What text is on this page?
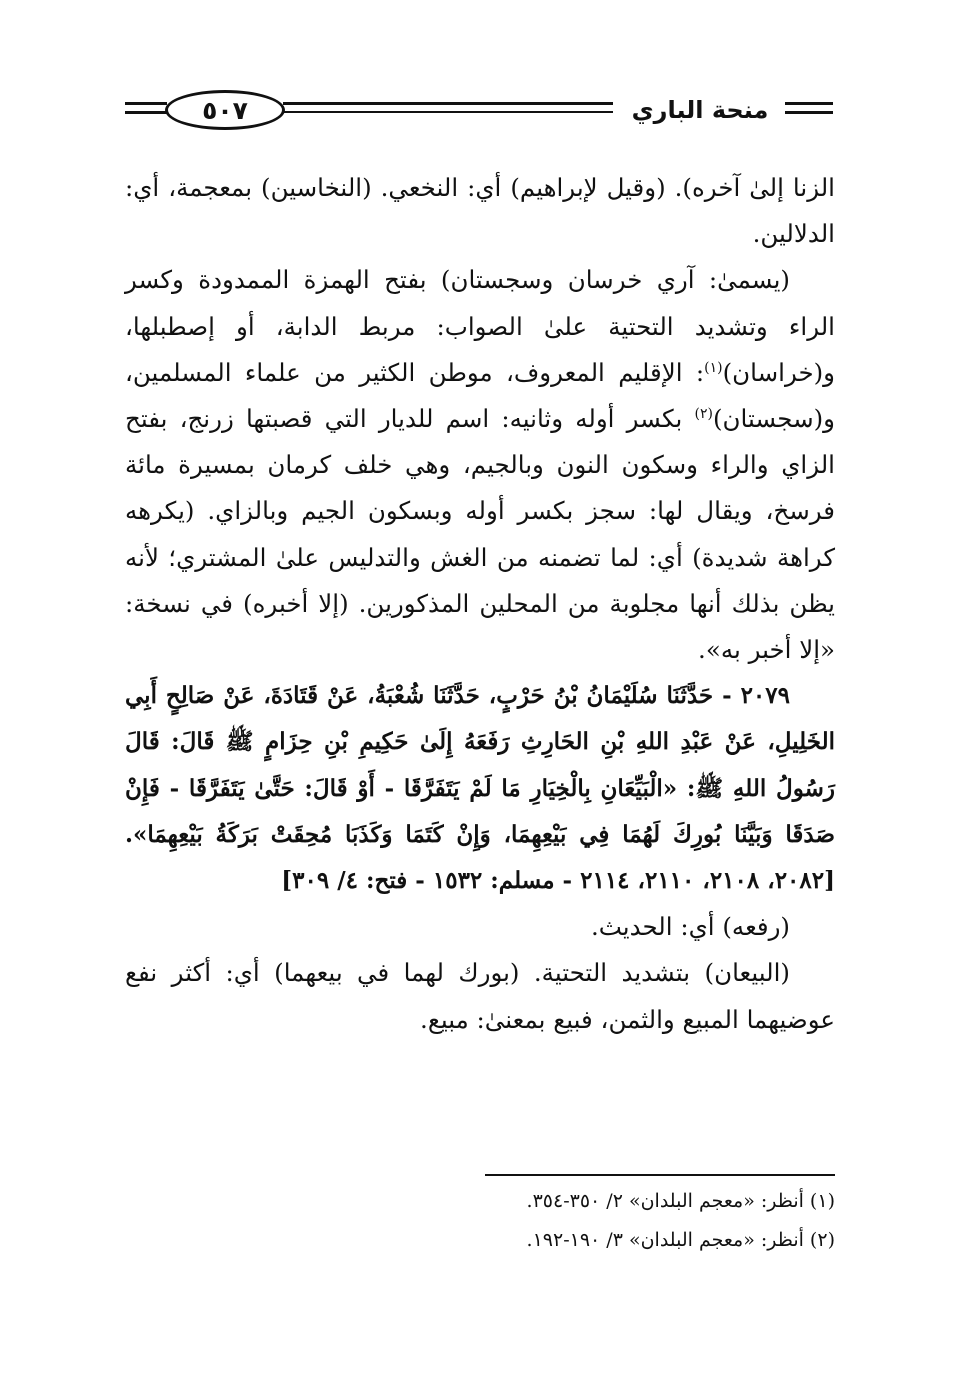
٥٠٧	منحة الباري

الزنا إلىٰ آخره). (وقيل لإبراهيم) أي: النخعي. (النخاسين) بمعجمة، أي: الدلالين.

(يسمىٰ: آري خرسان وسجستان) بفتح الهمزة الممدودة وكسر الراء وتشديد التحتية علىٰ الصواب: مربط الدابة، أو إصطبلها، و(خراسان)$^{(١)}$: الإقليم المعروف، موطن الكثير من علماء المسلمين، و(سجستان)$^{(٢)}$ بكسر أوله وثانيه: اسم للديار التي قصبتها زرنج، بفتح الزاي والراء وسكون النون وبالجيم، وهي خلف كرمان بمسيرة مائة فرسخ، ويقال لها: سجز بكسر أوله وبسكون الجيم وبالزاي. (يكرهه كراهة شديدة) أي: لما تضمنه من الغش والتدليس علىٰ المشتري؛ لأنه يظن بذلك أنها مجلوبة من المحلين المذكورين. (إلا أخبره) في نسخة: «إلا أخبر به».

٢٠٧٩ - حَدَّثَنَا سُلَيْمَانُ بْنُ حَرْبٍ، حَدَّثَنَا شُعْبَةُ، عَنْ قَتَادَةَ، عَنْ صَالِحٍ أَبِي الخَلِيلِ، عَنْ عَبْدِ اللهِ بْنِ الحَارِثِ رَفَعَهُ إِلَىٰ حَكِيمِ بْنِ حِزَامٍ ﷺ قَالَ: قَالَ رَسُولُ اللهِ ﷺ: «الْبَيِّعَانِ بِالْخِيَارِ مَا لَمْ يَتَفَرَّقَا - أَوْ قَالَ: حَتَّىٰ يَتَفَرَّقَا - فَإِنْ صَدَقَا وَبَيَّنَا بُورِكَ لَهُمَا فِي بَيْعِهِمَا، وَإِنْ كَتَمَا وَكَذَبَا مُحِقَتْ بَرَكَةُ بَيْعِهِمَا». [٢٠٨٢، ٢١٠٨، ٢١١٠، ٢١١٤ - مسلم: ١٥٣٢ - فتح: ٤/ ٣٠٩]

(رفعه) أي: الحديث.

(البيعان) بتشديد التحتية. (بورك لهما في بيعهما) أي: أكثر نفع عوضيهما المبيع والثمن، فبيع بمعنىٰ: مبيع.

(١) أنظر: «معجم البلدان» ٢/ ٣٥٠-٣٥٤.

(٢) أنظر: «معجم البلدان» ٣/ ١٩٠-١٩٢.
